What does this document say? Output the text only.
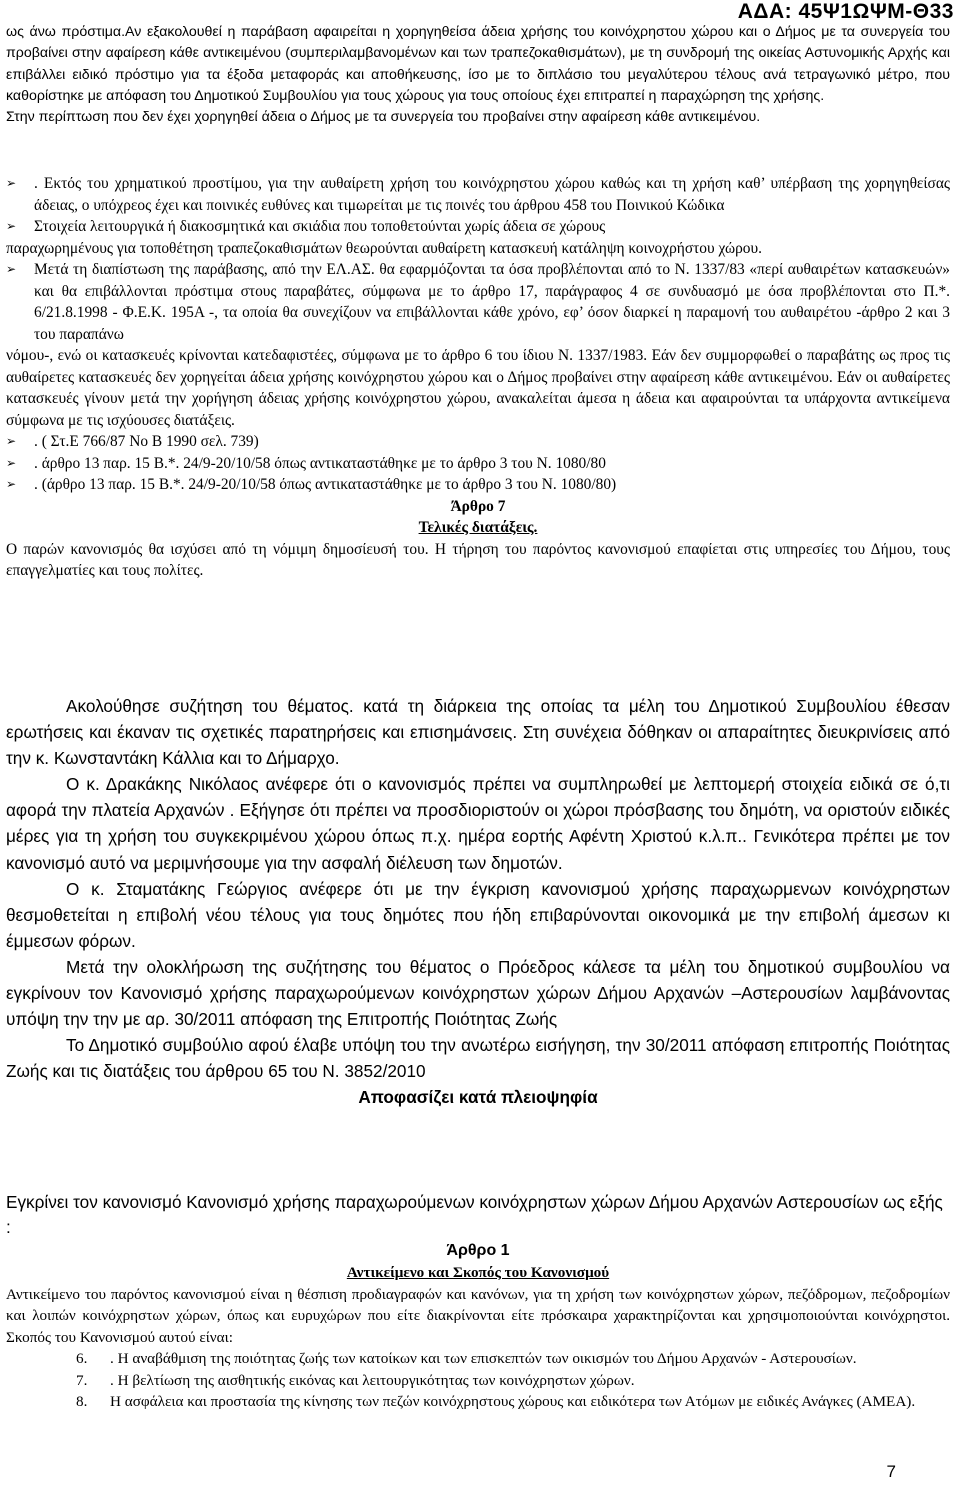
ΑΔΑ: 45Ψ1ΩΨΜ-Θ33

ως άνω πρόστιμα.Αν εξακολουθεί η παράβαση αφαιρείται η χορηγηθείσα άδεια χρήσης του κοινόχρηστου χώρου και ο Δήμος με τα συνεργεία του προβαίνει στην αφαίρεση κάθε αντικειμένου (συμπεριλαμβανομένων και των τραπεζοκαθισμάτων), με τη συνδρομή της οικείας Αστυνομικής Αρχής και επιβάλλει ειδικό πρόστιμο για τα έξοδα μεταφοράς και αποθήκευσης, ίσο με το διπλάσιο του μεγαλύτερου τέλους ανά τετραγωνικό μέτρο, που καθορίστηκε με απόφαση του Δημοτικού Συμβουλίου για τους χώρους για τους οποίους έχει επιτραπεί η παραχώρηση της χρήσης.

Στην περίπτωση που δεν έχει χορηγηθεί άδεια ο Δήμος με τα συνεργεία του προβαίνει στην αφαίρεση κάθε αντικειμένου.

➢ . Εκτός του χρηματικού προστίμου, για την αυθαίρετη χρήση του κοινόχρηστου χώρου καθώς και τη χρήση καθ’ υπέρβαση της χορηγηθείσας άδειας, ο υπόχρεος έχει και ποινικές ευθύνες και τιμωρείται με τις ποινές του άρθρου 458 του Ποινικού Κώδικα
➢ Στοιχεία λειτουργικά ή διακοσμητικά και σκιάδια που τοποθετούνται χωρίς άδεια σε χώρους

παραχωρημένους για τοποθέτηση τραπεζοκαθισμάτων θεωρούνται αυθαίρετη κατασκευή κατάληψη κοινοχρήστου χώρου.

➢ Μετά τη διαπίστωση της παράβασης, από την ΕΛ.ΑΣ. θα εφαρμόζονται τα όσα προβλέπονται από το Ν. 1337/83 «περί αυθαιρέτων κατασκευών» και θα επιβάλλονται πρόστιμα στους παραβάτες, σύμφωνα με το άρθρο 17, παράγραφος 4 σε συνδυασμό με όσα προβλέπονται στο Π.*. 6/21.8.1998 - Φ.Ε.Κ. 195Α -, τα οποία θα συνεχίζουν να επιβάλλονται κάθε χρόνο, εφ’ όσον διαρκεί η παραμονή του αυθαιρέτου -άρθρο 2 και 3 του παραπάνω

νόμου-, ενώ οι κατασκευές κρίνονται κατεδαφιστέες, σύμφωνα με το άρθρο 6 του ίδιου Ν. 1337/1983. Εάν δεν συμμορφωθεί ο παραβάτης ως προς τις αυθαίρετες κατασκευές δεν χορηγείται άδεια χρήσης κοινόχρηστου χώρου και ο Δήμος προβαίνει στην αφαίρεση κάθε αντικειμένου. Εάν οι αυθαίρετες κατασκευές γίνουν μετά την χορήγηση άδειας χρήσης κοινόχρηστου χώρου, ανακαλείται άμεσα η άδεια και αφαιρούνται τα υπάρχοντα αντικείμενα σύμφωνα με τις ισχύουσες διατάξεις.

➢ . ( Στ.Ε 766/87 Νο Β 1990 σελ. 739)
➢ . άρθρο 13 παρ. 15 Β.*. 24/9-20/10/58 όπως αντικαταστάθηκε με το άρθρο 3 του Ν. 1080/80
➢ . (άρθρο 13 παρ. 15 Β.*. 24/9-20/10/58 όπως αντικαταστάθηκε με το άρθρο 3 του Ν. 1080/80)

Άρθρο 7

Τελικές διατάξεις.

Ο παρών κανονισμός θα ισχύσει από τη νόμιμη δημοσίευσή του. Η τήρηση του παρόντος κανονισμού επαφίεται στις υπηρεσίες του Δήμου, τους επαγγελματίες και τους πολίτες.

Ακολούθησε συζήτηση του θέματος. κατά τη διάρκεια της οποίας τα μέλη του Δημοτικού Συμβουλίου έθεσαν ερωτήσεις και έκαναν τις σχετικές παρατηρήσεις και επισημάνσεις. Στη συνέχεια δόθηκαν οι απαραίτητες διευκρινίσεις από την κ. Κωνσταντάκη Κάλλια και το Δήμαρχο.

Ο κ. Δρακάκης Νικόλαος ανέφερε ότι ο κανονισμός πρέπει να συμπληρωθεί με λεπτομερή στοιχεία ειδικά σε ό,τι αφορά την πλατεία Αρχανών . Εξήγησε ότι πρέπει να προσδιοριστούν οι χώροι πρόσβασης του δημότη, να οριστούν ειδικές μέρες για τη χρήση του συγκεκριμένου χώρου όπως π.χ. ημέρα εορτής Αφέντη Χριστού κ.λ.π.. Γενικότερα πρέπει με τον κανονισμό αυτό να μεριμνήσουμε για την ασφαλή διέλευση των δημοτών.

Ο κ. Σταματάκης Γεώργιος ανέφερε ότι με την έγκριση κανονισμού χρήσης παραχωρμενων κοινόχρηστων θεσμοθετείται η επιβολή νέου τέλους για τους δημότες που ήδη επιβαρύνονται οικονομικά με την επιβολή άμεσων κι έμμεσων φόρων.

Μετά την ολοκλήρωση της συζήτησης του θέματος ο Πρόεδρος κάλεσε τα μέλη του δημοτικού συμβουλίου να εγκρίνουν τον Κανονισμό χρήσης παραχωρούμενων κοινόχρηστων χώρων Δήμου Αρχανών –Αστερουσίων λαμβάνοντας υπόψη την την με αρ. 30/2011 απόφαση της Επιτροπής Ποιότητας Ζωής

Το Δημοτικό συμβούλιο αφού έλαβε υπόψη του την ανωτέρω εισήγηση, την 30/2011 απόφαση επιτροπής Ποιότητας Ζωής και τις διατάξεις του άρθρου 65 του Ν. 3852/2010

Αποφασίζει κατά πλειοψηφία

Εγκρίνει τον κανονισμό Κανονισμό χρήσης παραχωρούμενων κοινόχρηστων χώρων Δήμου Αρχανών Αστερουσίων ως εξής :

Άρθρο 1

Αντικείμενο και Σκοπός του Κανονισμού

Αντικείμενο του παρόντος κανονισμού είναι η θέσπιση προδιαγραφών και κανόνων, για τη χρήση των κοινόχρηστων χώρων, πεζόδρομων, πεζοδρομίων και λοιπών κοινόχρηστων χώρων, όπως και ευρυχώρων που είτε διακρίνονται είτε πρόσκαιρα χαρακτηρίζονται και χρησιμοποιούνται κοινόχρηστοι. Σκοπός του Κανονισμού αυτού είναι:

6. . Η αναβάθμιση της ποιότητας ζωής των κατοίκων και των επισκεπτών των οικισμών του Δήμου Αρχανών - Αστερουσίων.
7. . Η βελτίωση της αισθητικής εικόνας και λειτουργικότητας των κοινόχρηστων χώρων.
8. Η ασφάλεια και προστασία της κίνησης των πεζών κοινόχρηστους χώρους και ειδικότερα των Ατόμων με ειδικές Ανάγκες (ΑΜΕΑ).
7
